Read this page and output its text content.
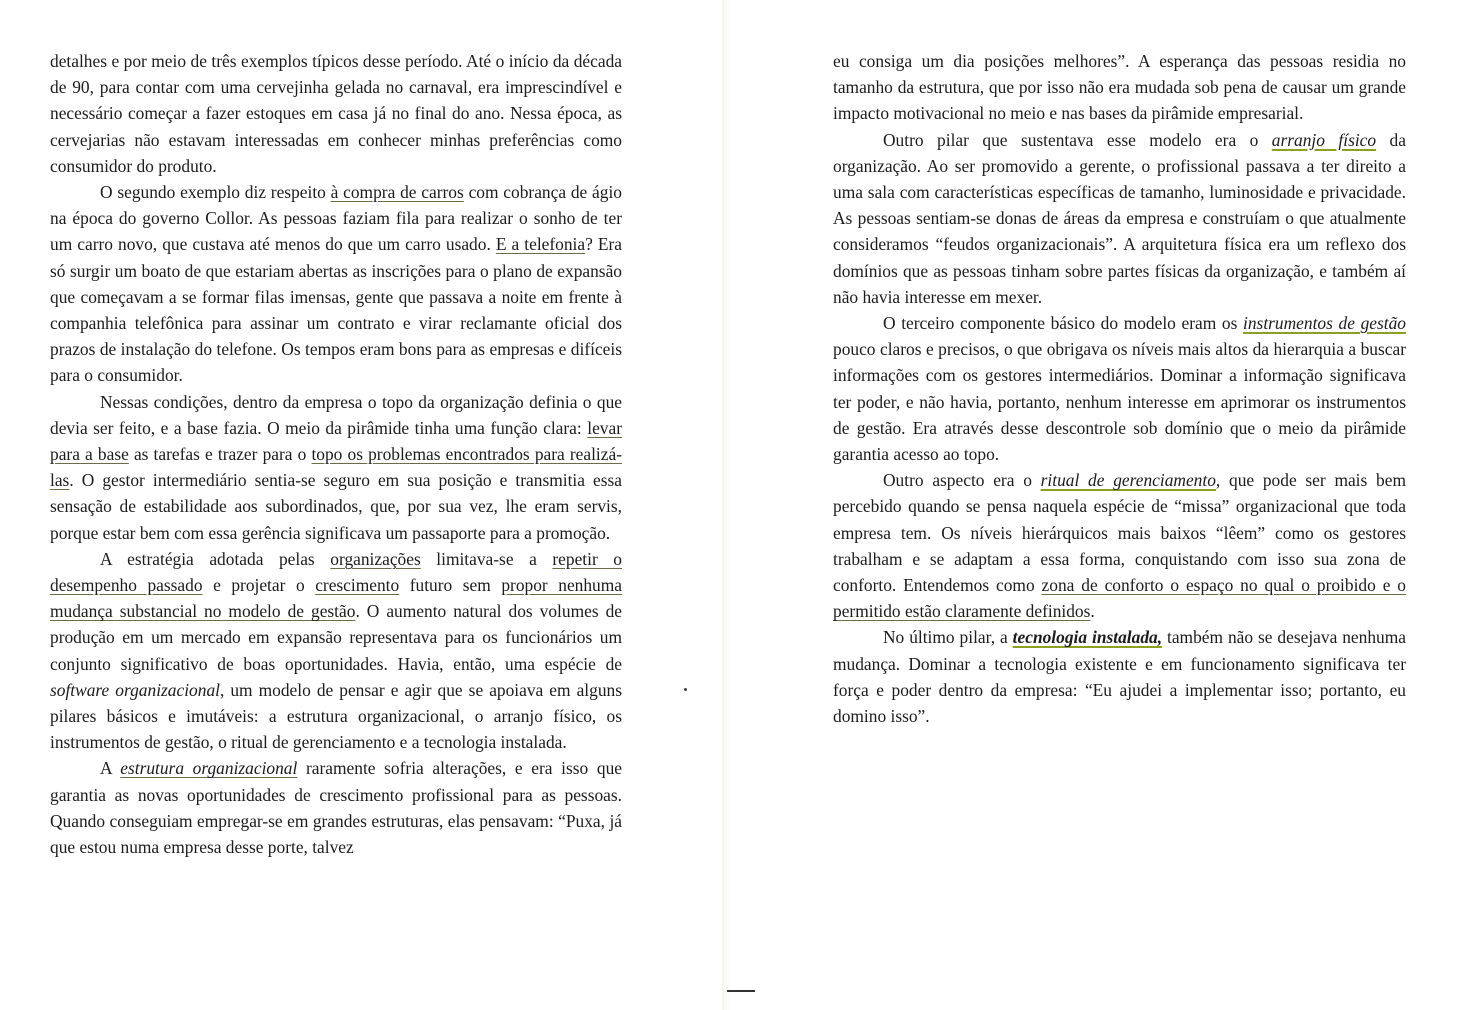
detalhes e por meio de três exemplos típicos desse período. Até o início da década de 90, para contar com uma cervejinha gelada no carnaval, era imprescindível e necessário começar a fazer estoques em casa já no final do ano. Nessa época, as cervejarias não estavam interessadas em conhecer minhas preferências como consumidor do produto.

O segundo exemplo diz respeito à compra de carros com cobrança de ágio na época do governo Collor. As pessoas faziam fila para realizar o sonho de ter um carro novo, que custava até menos do que um carro usado. E a telefonia? Era só surgir um boato de que estariam abertas as inscrições para o plano de expansão que começavam a se formar filas imensas, gente que passava a noite em frente à companhia telefônica para assinar um contrato e virar reclamante oficial dos prazos de instalação do telefone. Os tempos eram bons para as empresas e difíceis para o consumidor.

Nessas condições, dentro da empresa o topo da organização definia o que devia ser feito, e a base fazia. O meio da pirâmide tinha uma função clara: levar para a base as tarefas e trazer para o topo os problemas encontrados para realizá-las. O gestor intermediário sentia-se seguro em sua posição e transmitia essa sensação de estabilidade aos subordinados, que, por sua vez, lhe eram servis, porque estar bem com essa gerência significava um passaporte para a promoção.

A estratégia adotada pelas organizações limitava-se a repetir o desempenho passado e projetar o crescimento futuro sem propor nenhuma mudança substancial no modelo de gestão. O aumento natural dos volumes de produção em um mercado em expansão representava para os funcionários um conjunto significativo de boas oportunidades. Havia, então, uma espécie de software organizacional, um modelo de pensar e agir que se apoiava em alguns pilares básicos e imutáveis: a estrutura organizacional, o arranjo físico, os instrumentos de gestão, o ritual de gerenciamento e a tecnologia instalada.

A estrutura organizacional raramente sofria alterações, e era isso que garantia as novas oportunidades de crescimento profissional para as pessoas. Quando conseguiam empregar-se em grandes estruturas, elas pensavam: “Puxa, já que estou numa empresa desse porte, talvez

eu consiga um dia posições melhores”. A esperança das pessoas residia no tamanho da estrutura, que por isso não era mudada sob pena de causar um grande impacto motivacional no meio e nas bases da pirâmide empresarial.

Outro pilar que sustentava esse modelo era o arranjo físico da organização. Ao ser promovido a gerente, o profissional passava a ter direito a uma sala com características específicas de tamanho, luminosidade e privacidade. As pessoas sentiam-se donas de áreas da empresa e construíam o que atualmente consideramos “feudos organizacionais”. A arquitetura física era um reflexo dos domínios que as pessoas tinham sobre partes físicas da organização, e também aí não havia interesse em mexer.

O terceiro componente básico do modelo eram os instrumentos de gestão pouco claros e precisos, o que obrigava os níveis mais altos da hierarquia a buscar informações com os gestores intermediários. Dominar a informação significava ter poder, e não havia, portanto, nenhum interesse em aprimorar os instrumentos de gestão. Era através desse descontrole sob domínio que o meio da pirâmide garantia acesso ao topo.

Outro aspecto era o ritual de gerenciamento, que pode ser mais bem percebido quando se pensa naquela espécie de “missa” organizacional que toda empresa tem. Os níveis hierárquicos mais baixos “lêem” como os gestores trabalham e se adaptam a essa forma, conquistando com isso sua zona de conforto. Entendemos como zona de conforto o espaço no qual o proibido e o permitido estão claramente definidos.

No último pilar, a tecnologia instalada, também não se desejava nenhuma mudança. Dominar a tecnologia existente e em funcionamento significava ter força e poder dentro da empresa: “Eu ajudei a implementar isso; portanto, eu domino isso”.
